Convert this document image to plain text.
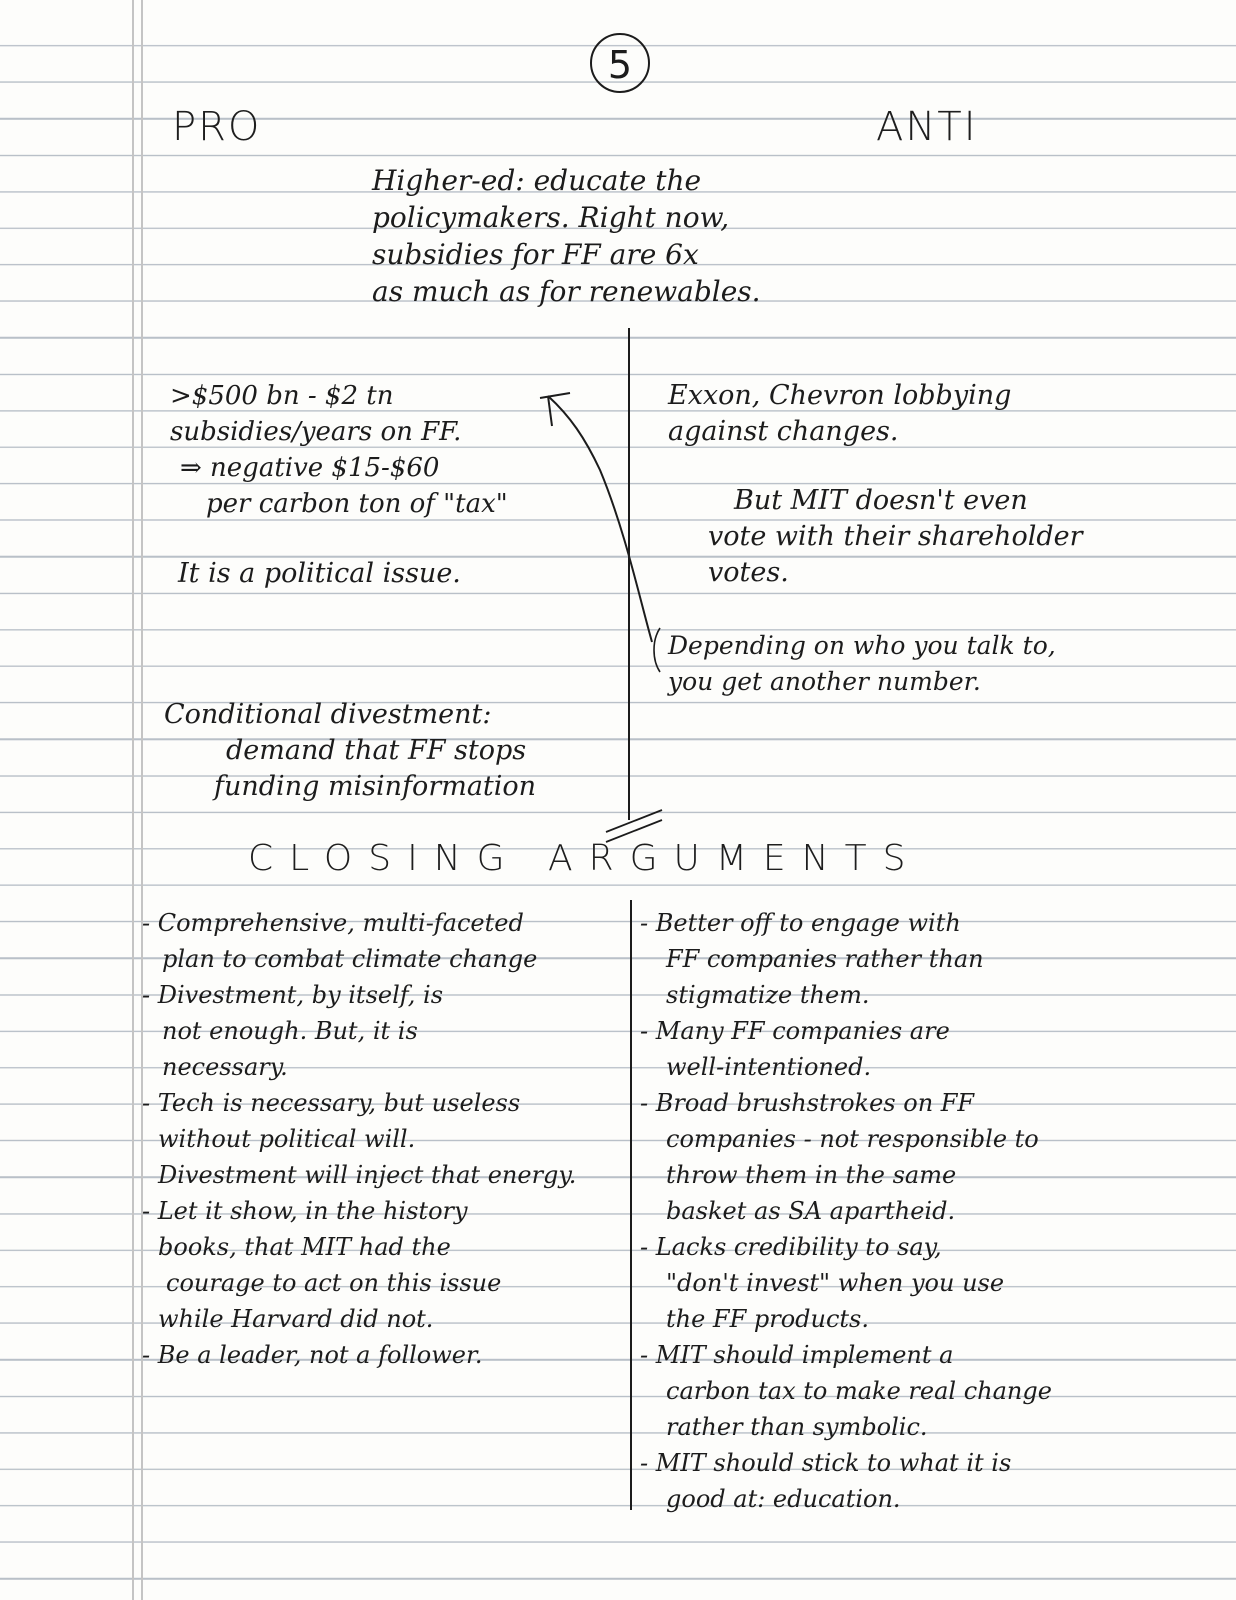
5
PRO	ANTI
Higher-ed: educate the
policymakers. Right now,
subsidies for FF are 6x
as much as for renewables.
>$500 bn - $2 tn
subsidies/years on FF.
⇒ negative $15-$60
per carbon ton of "tax"
It is a political issue.
Conditional divestment:
demand that FF stops
funding misinformation
Exxon, Chevron lobbying
against changes.
But MIT doesn't even
vote with their shareholder
votes.
Depending on who you talk to,
you get another number.
CLOSING ARGUMENTS
- Comprehensive, multi-faceted
plan to combat climate change
- Divestment, by itself, is
not enough. But, it is
necessary.
- Tech is necessary, but useless
without political will.
Divestment will inject that energy.
- Let it show, in the history
books, that MIT had the
courage to act on this issue
while Harvard did not.
- Be a leader, not a follower.
- Better off to engage with
FF companies rather than
stigmatize them.
- Many FF companies are
well-intentioned.
- Broad brushstrokes on FF
companies - not responsible to
throw them in the same
basket as SA apartheid.
- Lacks credibility to say,
"don't invest" when you use
the FF products.
- MIT should implement a
carbon tax to make real change
rather than symbolic.
- MIT should stick to what it is
good at: education.
